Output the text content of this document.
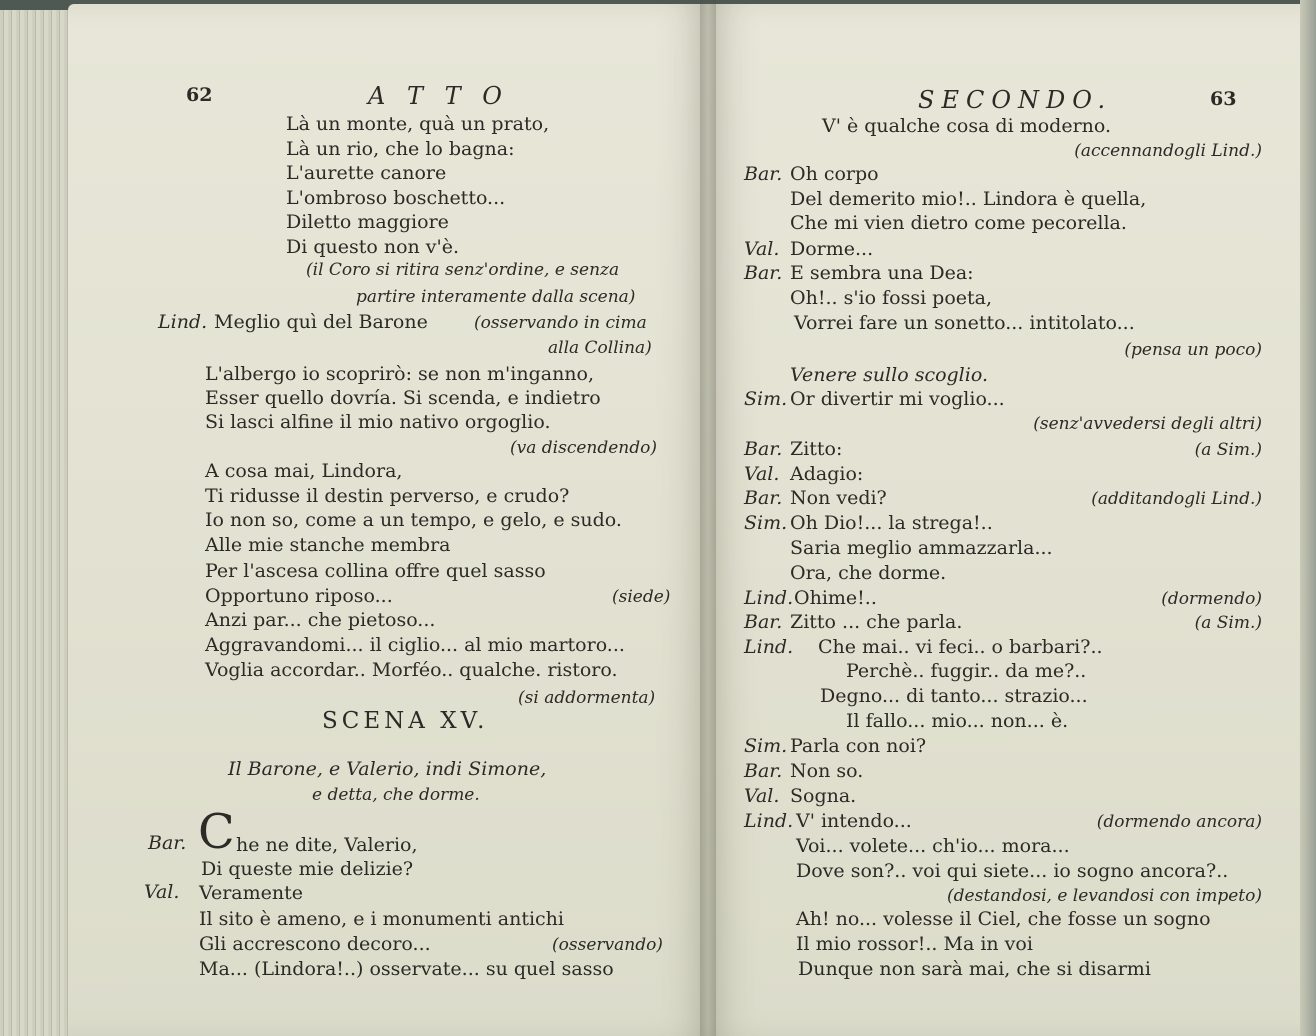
62	A T T O
Là un monte, quà un prato,
Là un rio, che lo bagna:
L'aurette canore
L'ombroso boschetto...
Diletto maggiore
Di questo non v'è.
(il Coro si ritira senz'ordine, e senza
partire interamente dalla scena)
Lind. Meglio quì del Barone	(osservando in cima
alla Collina)
L'albergo io scoprirò: se non m'inganno,
Esser quello dovría. Si scenda, e indietro
Si lasci alfine il mio nativo orgoglio.
(va discendendo)
A cosa mai, Lindora,
Ti ridusse il destin perverso, e crudo?
Io non so, come a un tempo, e gelo, e sudo.
Alle mie stanche membra
Per l'ascesa collina offre quel sasso
Opportuno riposo...	(siede)
Anzi par... che pietoso...
Aggravandomi... il ciglio... al mio martoro...
Voglia accordar.. Morféo.. qualche. ristoro.
(si addormenta)
SCENA XV.
Il Barone, e Valerio, indi Simone,
e detta, che dorme.
Bar. C he ne dite, Valerio,
Di queste mie delizie?
Val. Veramente
Il sito è ameno, e i monumenti antichi
Gli accrescono decoro...	(osservando)
Ma... (Lindora!..) osservate... su quel sasso
SECONDO.	63
V' è qualche cosa di moderno.
(accennandogli Lind.)
Bar. Oh corpo
Del demerito mio!.. Lindora è quella,
Che mi vien dietro come pecorella.
Val. Dorme...
Bar. E sembra una Dea:
Oh!.. s'io fossi poeta,
Vorrei fare un sonetto... intitolato...
(pensa un poco)
Venere sullo scoglio.
Sim. Or divertir mi voglio...
(senz'avvedersi degli altri)
Bar. Zitto:	(a Sim.)
Val. Adagio:
Bar. Non vedi?	(additandogli Lind.)
Sim. Oh Dio!... la strega!..
Saria meglio ammazzarla...
Ora, che dorme.
Lind. Ohime!..	(dormendo)
Bar. Zitto ... che parla.	(a Sim.)
Lind. Che mai.. vi feci.. o barbari?..
Perchè.. fuggir.. da me?..
Degno... di tanto... strazio...
Il fallo... mio... non... è.
Sim. Parla con noi?
Bar. Non so.
Val. Sogna.
Lind. V' intendo...	(dormendo ancora)
Voi... volete... ch'io... mora...
Dove son?.. voi qui siete... io sogno ancora?..
(destandosi, e levandosi con impeto)
Ah! no... volesse il Ciel, che fosse un sogno
Il mio rossor!.. Ma in voi
Dunque non sarà mai, che si disarmi
